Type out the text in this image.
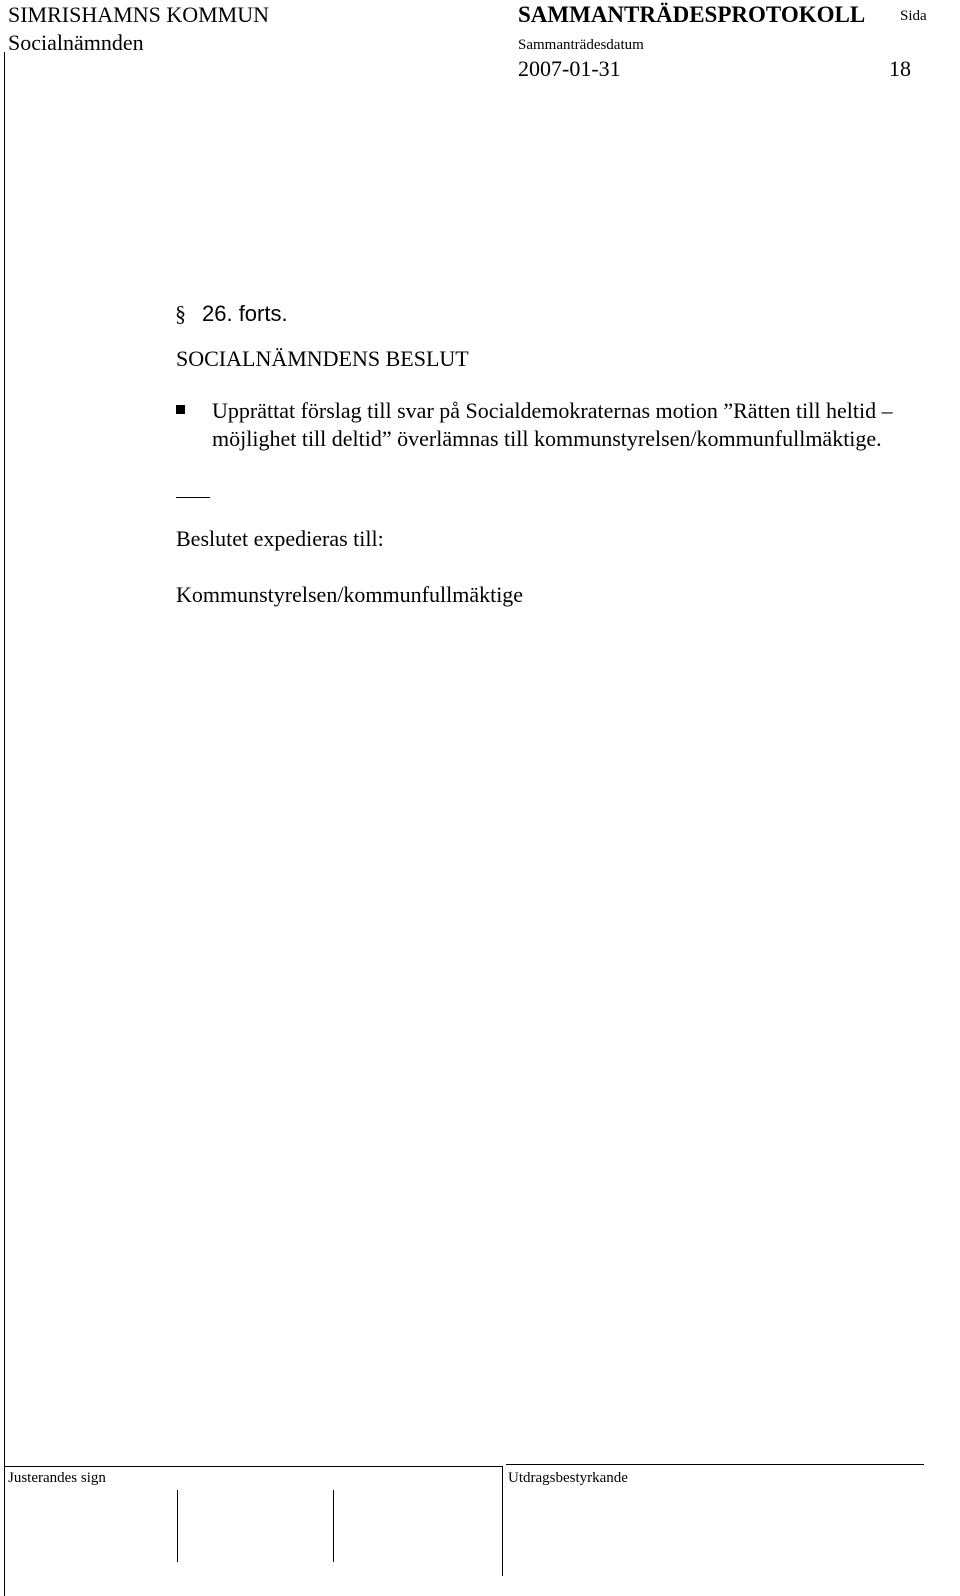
SIMRISHAMNS KOMMUN
Socialnämnden
SAMMANTRÄDESPROTOKOLL Sida
Sammanträdesdatum
2007-01-31	18
§ 26. forts.
SOCIALNÄMNDENS BESLUT
Upprättat förslag till svar på Socialdemokraternas motion ”Rätten till heltid – möjlighet till deltid” överlämnas till kommunstyrelsen/kommunfullmäktige.
Beslutet expedieras till:
Kommunstyrelsen/kommunfullmäktige
Justerandes sign	Utdragsbestyrkande
